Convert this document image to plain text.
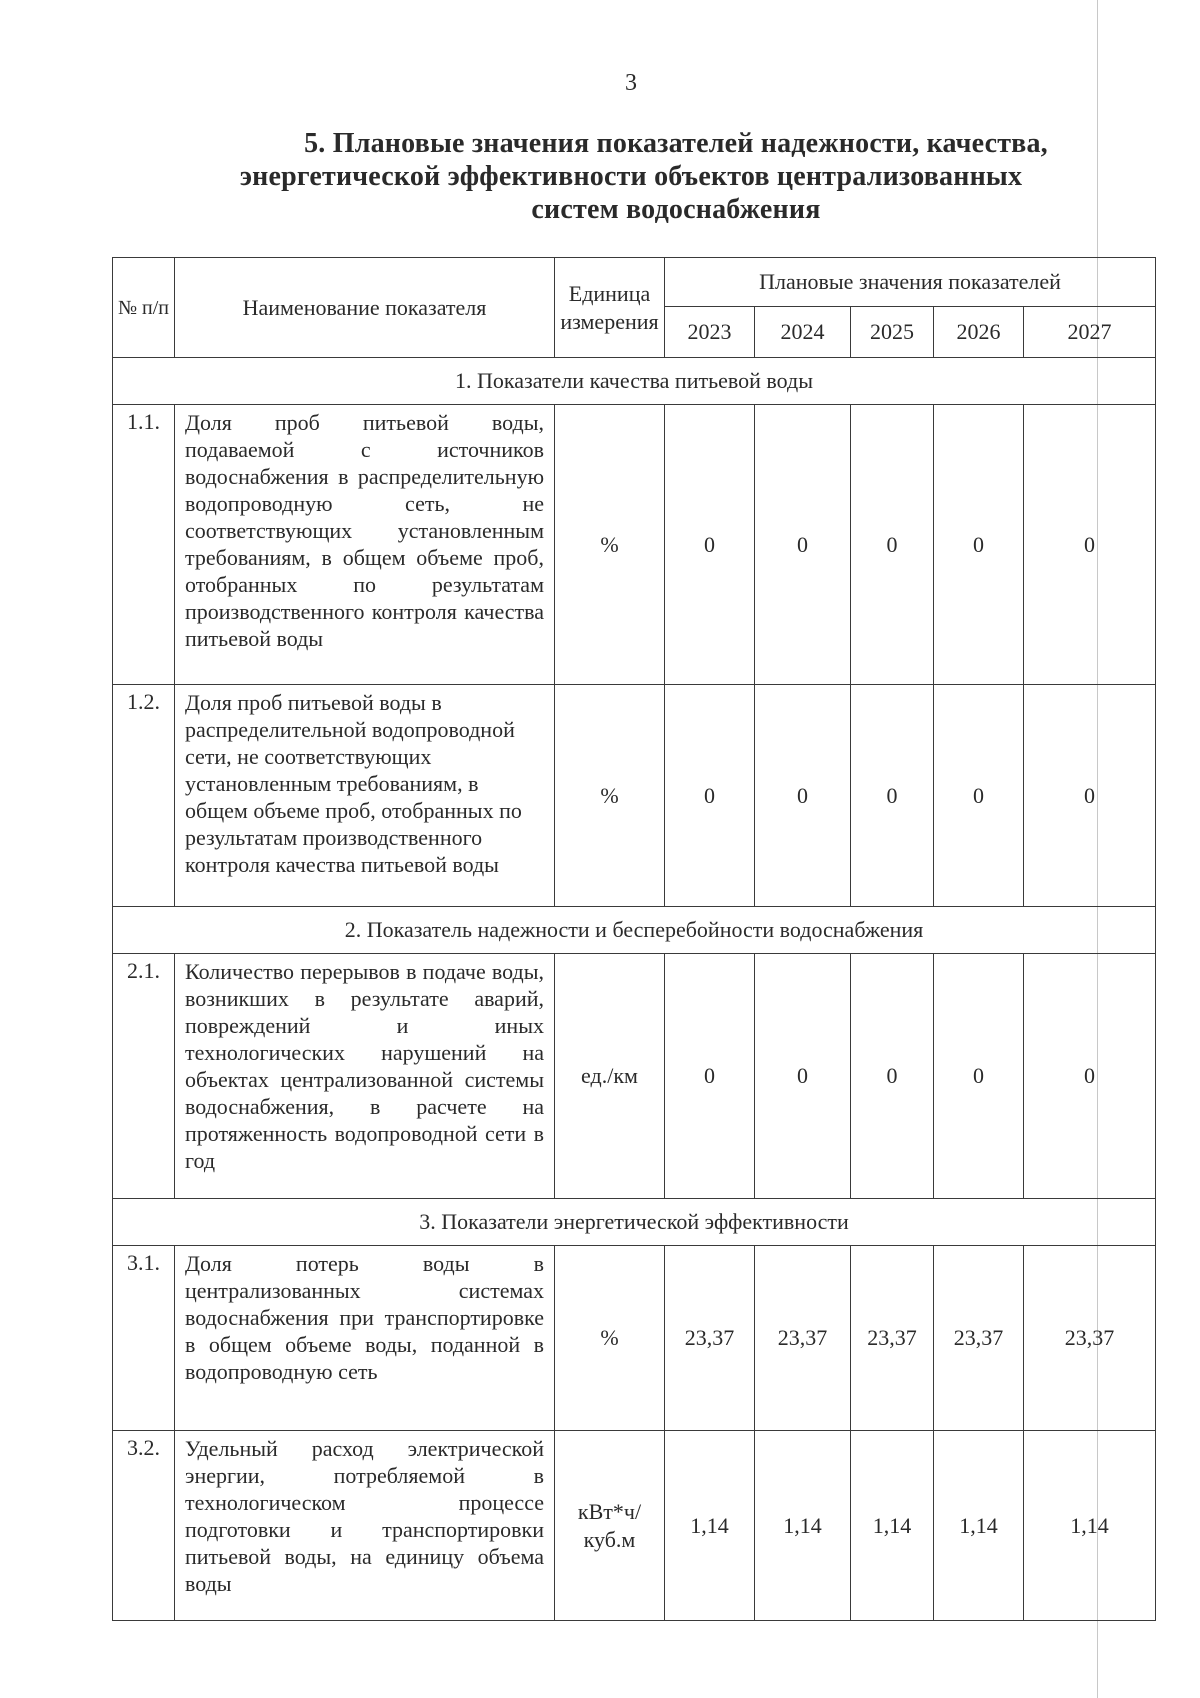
3
5. Плановые значения показателей надежности, качества,
энергетической эффективности объектов централизованных
систем водоснабжения
№ п/п	Наименование показателя	Единица измерения	Плановые значения показателей				
			2023	2024	2025	2026	2027
1. Показатели качества питьевой воды							
1.1.	Доля проб питьевой воды, подаваемой с источников водоснабжения в распределительную водопроводную сеть, не соответствующих установленным требованиям, в общем объеме проб, отобранных по результатам производственного контроля качества питьевой воды	%	0	0	0	0	0
1.2.	Доля проб питьевой воды в распределительной водопроводной сети, не соответствующих установленным требованиям, в общем объеме проб, отобранных по результатам производственного контроля качества питьевой воды	%	0	0	0	0	0
2. Показатель надежности и бесперебойности водоснабжения							
2.1.	Количество перерывов в подаче воды, возникших в результате аварий, повреждений и иных технологических нарушений на объектах централизованной системы водоснабжения, в расчете на протяженность водопроводной сети в год	ед./км	0	0	0	0	0
3. Показатели энергетической эффективности							
3.1.	Доля потерь воды в централизованных системах водоснабжения при транспортировке в общем объеме воды, поданной в водопроводную сеть	%	23,37	23,37	23,37	23,37	23,37
3.2.	Удельный расход электрической энергии, потребляемой в технологическом процессе подготовки и транспортировки питьевой воды, на единицу объема воды	кВт*ч/ куб.м	1,14	1,14	1,14	1,14	1,14
